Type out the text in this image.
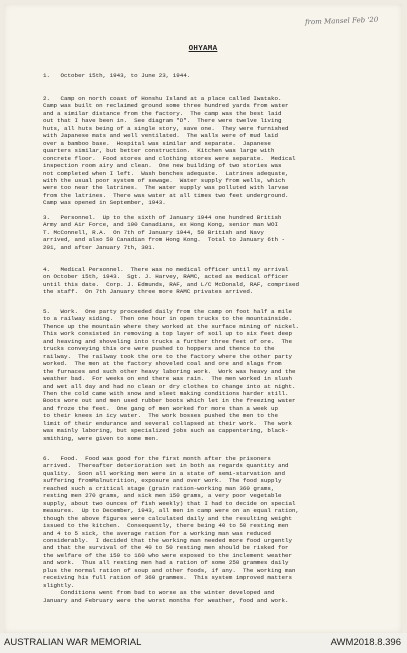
from Mansel Feb '20
OHYAMA
1.   October 15th, 1943, to June 23, 1944.
2.   Camp on north coast of Honshu Island at a place called Iwatako.
Camp was built on reclaimed ground some three hundred yards from water
and a similar distance from the factory.  The camp was the best laid
out that I have been in.  See diagram "D".  There were twelve living
huts, all huts being of a single story, save one.  They were furnished
with Japanese mats and well ventilated.  The walls were of mud laid
over a bamboo base.  Hospital was similar and separate.  Japanese
quarters similar, but better construction.  Kitchen was large with
concrete floor.  Food stores and clothing stores were separate.  Medical
inspection room airy and clean.  One new building of two stories was
not completed when I left.  Wash benches adequate.  Latrines adequate,
with the usual poor system of sewage.  Water supply from wells, which
were too near the latrines.  The water supply was polluted with larvae
from the latrines.  There was water at all times two feet underground.
Camp was opened in September, 1943.
3.   Personnel.  Up to the sixth of January 1944 one hundred British
Army and Air Force, and 100 Canadians, ex Hong Kong, senior man WOI
T. McConnell, R.A.  On 7th of January 1944, 50 British and Navy
arrived, and also 50 Canadian from Hong Kong.  Total to January 6th -
201, and after January 7th, 301.
4.   Medical Personnel.  There was no medical officer until my arrival
on October 15th, 1943.  Sgt. J. Harvey, RAMC, acted as medical officer
until this date.  Corp. J. Edmunds, RAF, and L/C McDonald, RAF, comprised
the staff.  On 7th January three more RAMC privates arrived.
5.   Work.  One party proceeded daily from the camp on foot half a mile
to a railway siding.  Then one hour in open trucks to the mountainside.
Thence up the mountain where they worked at the surface mining of nickel.
This work consisted in removing a top layer of soil up to six feet deep
and heaving and shoveling into trucks a further three feet of ore.  The
trucks conveying this ore were pushed to hoppers and thence to the
railway.  The railway took the ore to the factory where the other party
worked.  The men at the factory shoveled coal and ore and slags from
the furnaces and such other heavy laboring work.  Work was heavy and the
weather bad.  For weeks on end there was rain.  The men worked in slush
and wet all day and had no clean or dry clothes to change into at night.
Then the cold came with snow and sleet making conditions harder still.
Boots wore out and men used rubber boots which let in the freezing water
and froze the feet.  One gang of men worked for more than a week up
to their knees in icy water.  The work bosses pushed the men to the
limit of their endurance and several collapsed at their work.  The work
was mainly laboring, but specialized jobs such as cappentering, black-
smithing, were given to some men.
6.   Food.  Food was good for the first month after the prisoners
arrived.  Thereafter deterioration set in both as regards quantity and
quality.  Soon all working men were in a state of semi-starvation and
suffering fromMalnutrition, exposure and over work.  The food supply
reached such a critical stage (grain ration-working man 360 grams,
resting men 270 grams, and sick men 150 grams, a very poor vegetable
supply, about two ounces of fish weekly) that I had to decide on special
measures.  Up to December, 1943, all men in camp were on an equal ration,
though the above figures were calculated daily and the resulting weight
issued to the kitchen.  Consequently, there being 40 to 50 resting men
and 4 to 5 sick, the average ration for a working man was reduced
considerably.  I decided that the working man needed more food urgently
and that the survival of the 40 to 50 resting men should be risked for
the welfare of the 150 to 160 who were exposed to the inclement weather
and work.  Thus all resting men had a ration of some 250 grammes daily
plus the normal ration of soup and other foods, if any.  The working man
receiving his full ration of 360 grammes.  This system improved matters
slightly.
Conditions went from bad to worse as the winter developed and
January and February were the worst months for weather, food and work.
AUSTRALIAN WAR MEMORIAL	AWM2018.8.396
